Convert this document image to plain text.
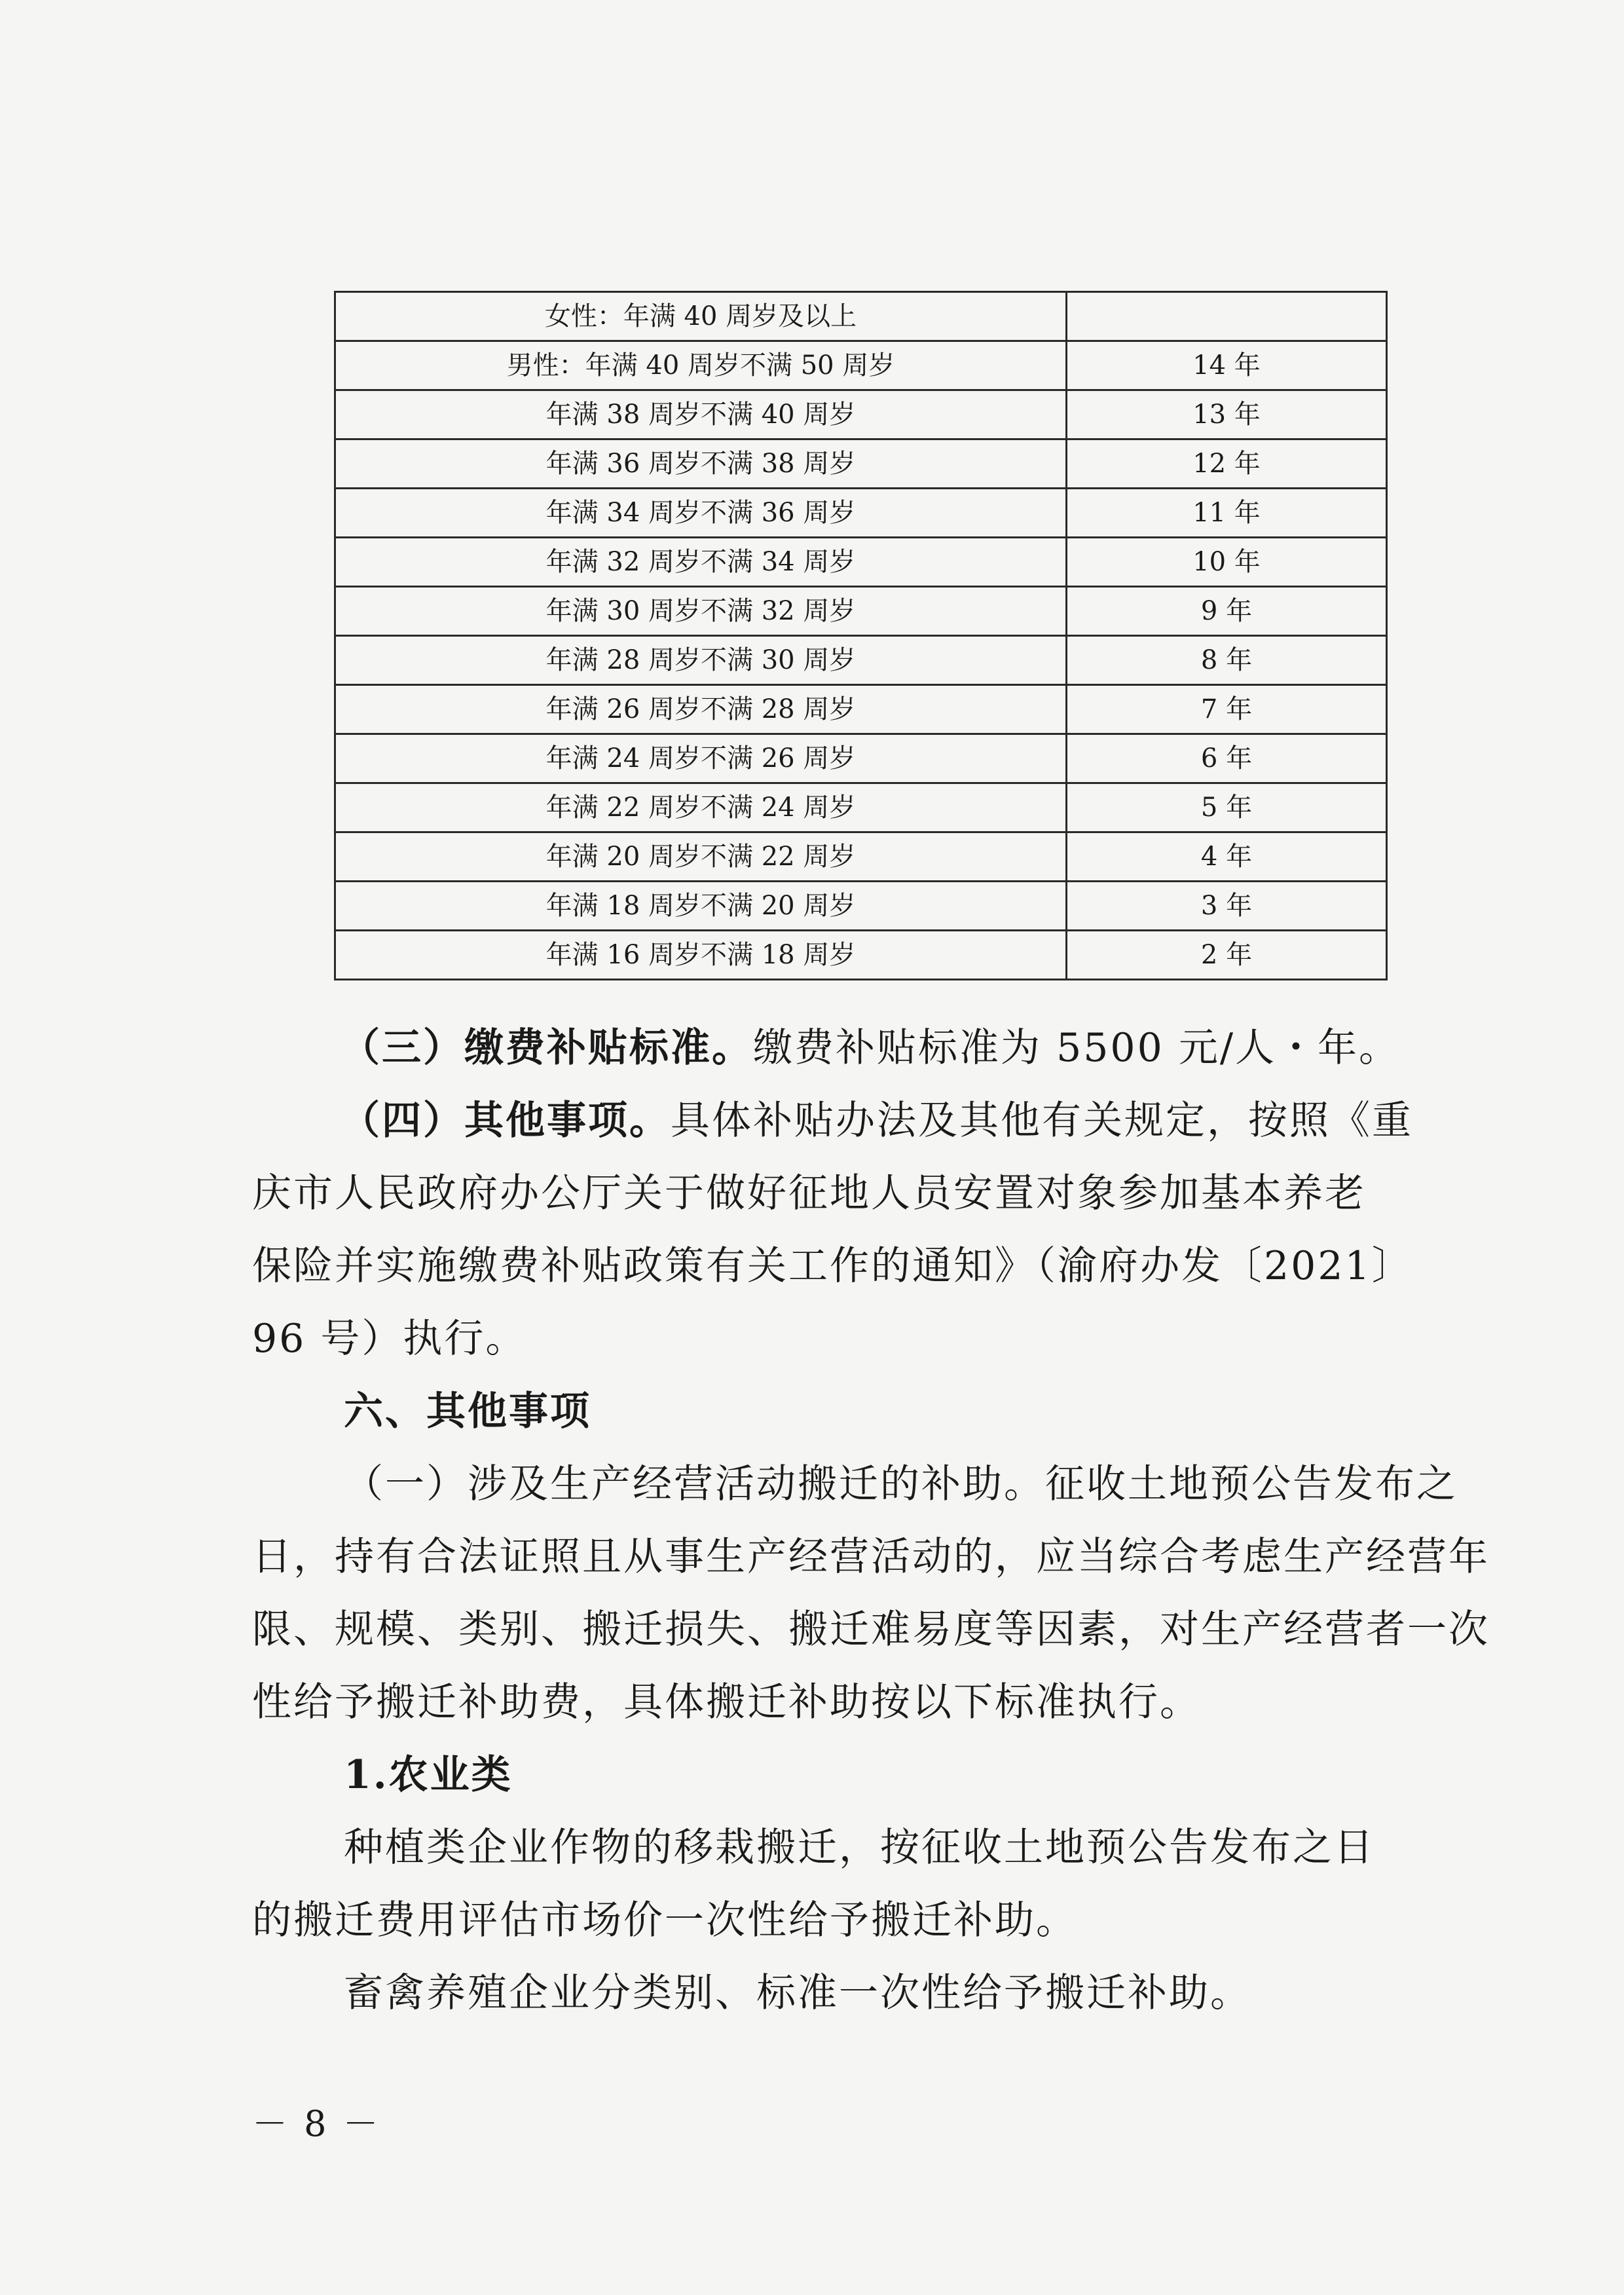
女性：年满 40 周岁及以上	
男性：年满 40 周岁不满 50 周岁	14 年
年满 38 周岁不满 40 周岁	13 年
年满 36 周岁不满 38 周岁	12 年
年满 34 周岁不满 36 周岁	11 年
年满 32 周岁不满 34 周岁	10 年
年满 30 周岁不满 32 周岁	9 年
年满 28 周岁不满 30 周岁	8 年
年满 26 周岁不满 28 周岁	7 年
年满 24 周岁不满 26 周岁	6 年
年满 22 周岁不满 24 周岁	5 年
年满 20 周岁不满 22 周岁	4 年
年满 18 周岁不满 20 周岁	3 年
年满 16 周岁不满 18 周岁	2 年
（三）缴费补贴标准。缴费补贴标准为 5500 元/人・年。
（四）其他事项。具体补贴办法及其他有关规定，按照《重
庆市人民政府办公厅关于做好征地人员安置对象参加基本养老
保险并实施缴费补贴政策有关工作的通知》（渝府办发〔2021〕
96 号）执行。
六、其他事项
（一）涉及生产经营活动搬迁的补助。征收土地预公告发布之
日，持有合法证照且从事生产经营活动的，应当综合考虑生产经营年
限、规模、类别、搬迁损失、搬迁难易度等因素，对生产经营者一次
性给予搬迁补助费，具体搬迁补助按以下标准执行。
1.农业类
种植类企业作物的移栽搬迁，按征收土地预公告发布之日
的搬迁费用评估市场价一次性给予搬迁补助。
畜禽养殖企业分类别、标准一次性给予搬迁补助。
－ 8 －
